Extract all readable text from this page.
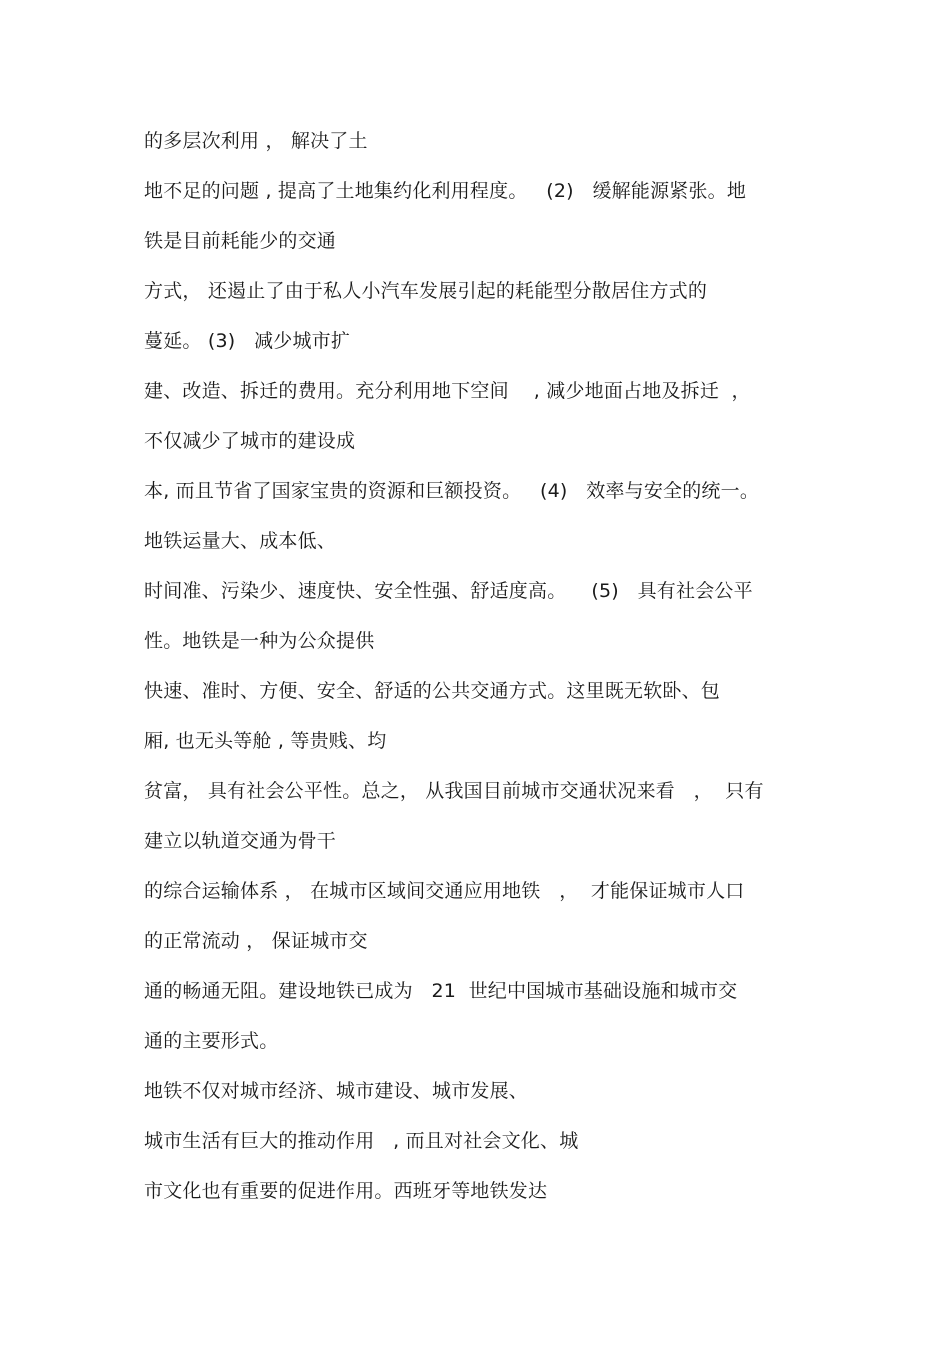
的多层次利用 ， 解决了土
地不足的问题 , 提高了土地集约化利用程度。   (2)   缓解能源紧张。地
铁是目前耗能少的交通
方式， 还遏止了由于私人小汽车发展引起的耗能型分散居住方式的
蔓延。 (3)   减少城市扩
建、改造、拆迁的费用。充分利用地下空间    , 减少地面占地及拆迁  ，
不仅减少了城市的建设成
本, 而且节省了国家宝贵的资源和巨额投资。   (4)   效率与安全的统一。
地铁运量大、成本低、
时间准、污染少、速度快、安全性强、舒适度高。    (5)   具有社会公平
性。地铁是一种为公众提供
快速、准时、方便、安全、舒适的公共交通方式。这里既无软卧、包
厢, 也无头等舱 , 等贵贱、均
贫富， 具有社会公平性。总之， 从我国目前城市交通状况来看   ，  只有
建立以轨道交通为骨干
的综合运输体系 ， 在城市区域间交通应用地铁   ，  才能保证城市人口
的正常流动 ， 保证城市交
通的畅通无阻。建设地铁已成为   21  世纪中国城市基础设施和城市交
通的主要形式。
地铁不仅对城市经济、城市建设、城市发展、
城市生活有巨大的推动作用   , 而且对社会文化、城
市文化也有重要的促进作用。西班牙等地铁发达
